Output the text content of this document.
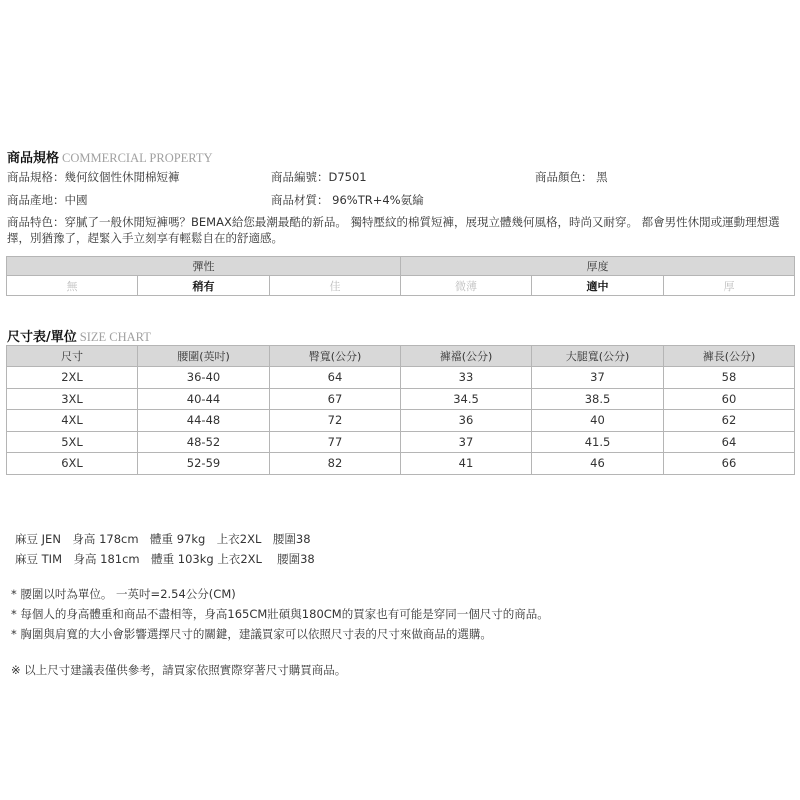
商品規格 COMMERCIAL PROPERTY
商品規格：幾何紋個性休閒棉短褲	商品編號：D7501	商品顏色： 黑
商品產地：中國	商品材質： 96%TR+4%氨綸
商品特色：穿膩了一般休閒短褲嗎？BEMAX給您最潮最酷的新品。 獨特壓紋的棉質短褲，展現立體幾何風格，時尚又耐穿。 都會男性休閒或運動理想選擇，別猶豫了，趕緊入手立刻享有輕鬆自在的舒適感。
彈性			厚度		
無	稍有	佳	微薄	適中	厚
尺寸表/單位 SIZE CHART
尺寸	腰圍(英吋)	臀寬(公分)	褲襠(公分)	大腿寬(公分)	褲長(公分)
2XL	36-40	64	33	37	58
3XL	40-44	67	34.5	38.5	60
4XL	44-48	72	36	40	62
5XL	48-52	77	37	41.5	64
6XL	52-59	82	41	46	66
麻豆 JEN　身高 178cm　體重 97kg　上衣2XL　腰圍38
麻豆 TIM　身高 181cm　體重 103kg 上衣2XL　 腰圍38
* 腰圍以吋為單位。 一英吋=2.54公分(CM)
* 每個人的身高體重和商品不盡相等，身高165CM壯碩與180CM的買家也有可能是穿同一個尺寸的商品。
* 胸圍與肩寬的大小會影響選擇尺寸的關鍵，建議買家可以依照尺寸表的尺寸來做商品的選購。
※ 以上尺寸建議表僅供參考，請買家依照實際穿著尺寸購買商品。
